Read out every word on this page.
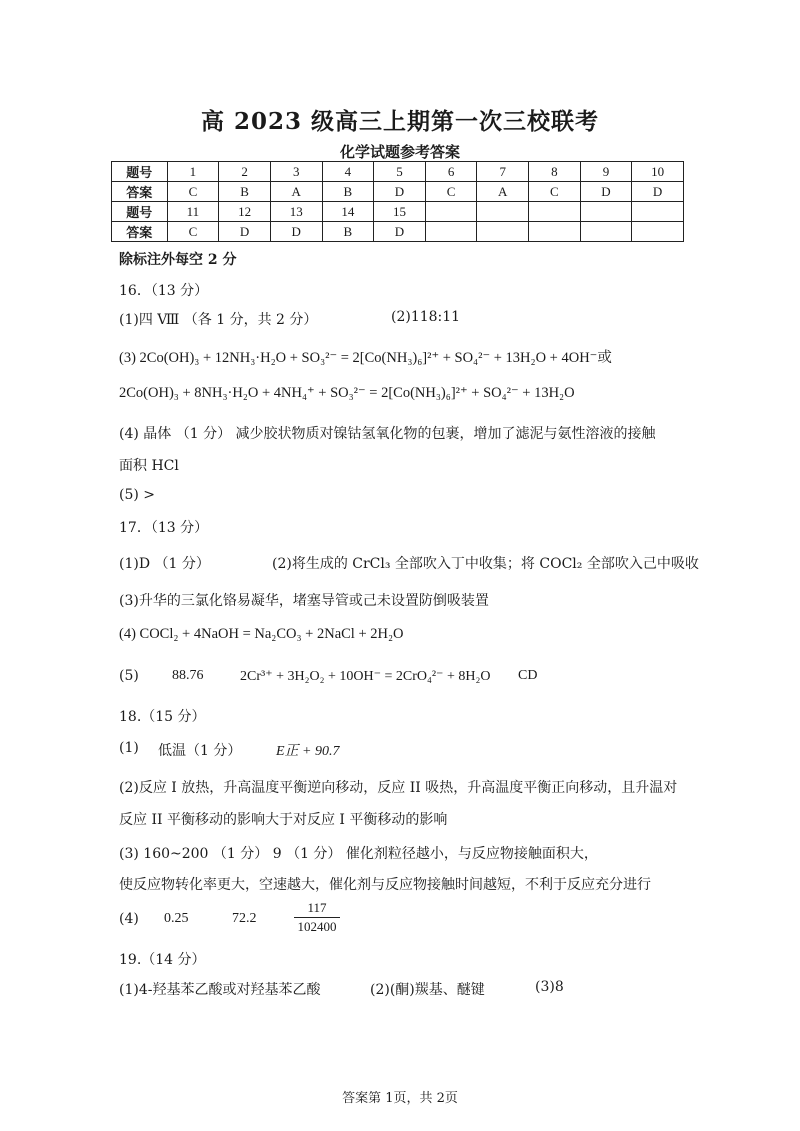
高 2023 级高三上期第一次三校联考
化学试题参考答案
题号	1	2	3	4	5	6	7	8	9	10
答案	C	B	A	B	D	C	A	C	D	D
题号	11	12	13	14	15					
答案	C	D	D	B	D					
除标注外每空 2 分
16．（13 分）
(1)四 Ⅷ （各 1 分，共 2 分）	(2)118:11
(3) 2Co(OH)₃ + 12NH₃·H₂O + SO₃²⁻ = 2[Co(NH₃)₆]²⁺ + SO₄²⁻ + 13H₂O + 4OH⁻或
2Co(OH)₃ + 8NH₃·H₂O + 4NH₄⁺ + SO₃²⁻ = 2[Co(NH₃)₆]²⁺ + SO₄²⁻ + 13H₂O
(4) 晶体 （1 分） 减少胶状物质对镍钴氢氧化物的包裹，增加了滤泥与氨性溶液的接触
面积 HCl
(5) >
17．（13 分）
(1)D （1 分）	(2)将生成的 CrCl₃ 全部吹入丁中收集；将 COCl₂ 全部吹入己中吸收
(3)升华的三氯化铬易凝华，堵塞导管或己未设置防倒吸装置
(4) COCl₂ + 4NaOH = Na₂CO₃ + 2NaCl + 2H₂O
(5) 88.76	2Cr³⁺ + 3H₂O₂ + 10OH⁻ = 2CrO₄²⁻ + 8H₂O CD
18.（15 分）
(1) 低温（1 分） E正 + 90.7
(2)反应 I 放热，升高温度平衡逆向移动，反应 II 吸热，升高温度平衡正向移动，且升温对
反应 II 平衡移动的影响大于对反应 I 平衡移动的影响
(3) 160~200 （1 分） 9 （1 分） 催化剂粒径越小，与反应物接触面积大，
使反应物转化率更大，空速越大，催化剂与反应物接触时间越短，不利于反应充分进行
(4) 0.25	72.2
117
102400
19.（14 分）
(1)4-羟基苯乙酸或对羟基苯乙酸	(2)(酮)羰基、醚键	(3)8
答案第 1页，共 2页
